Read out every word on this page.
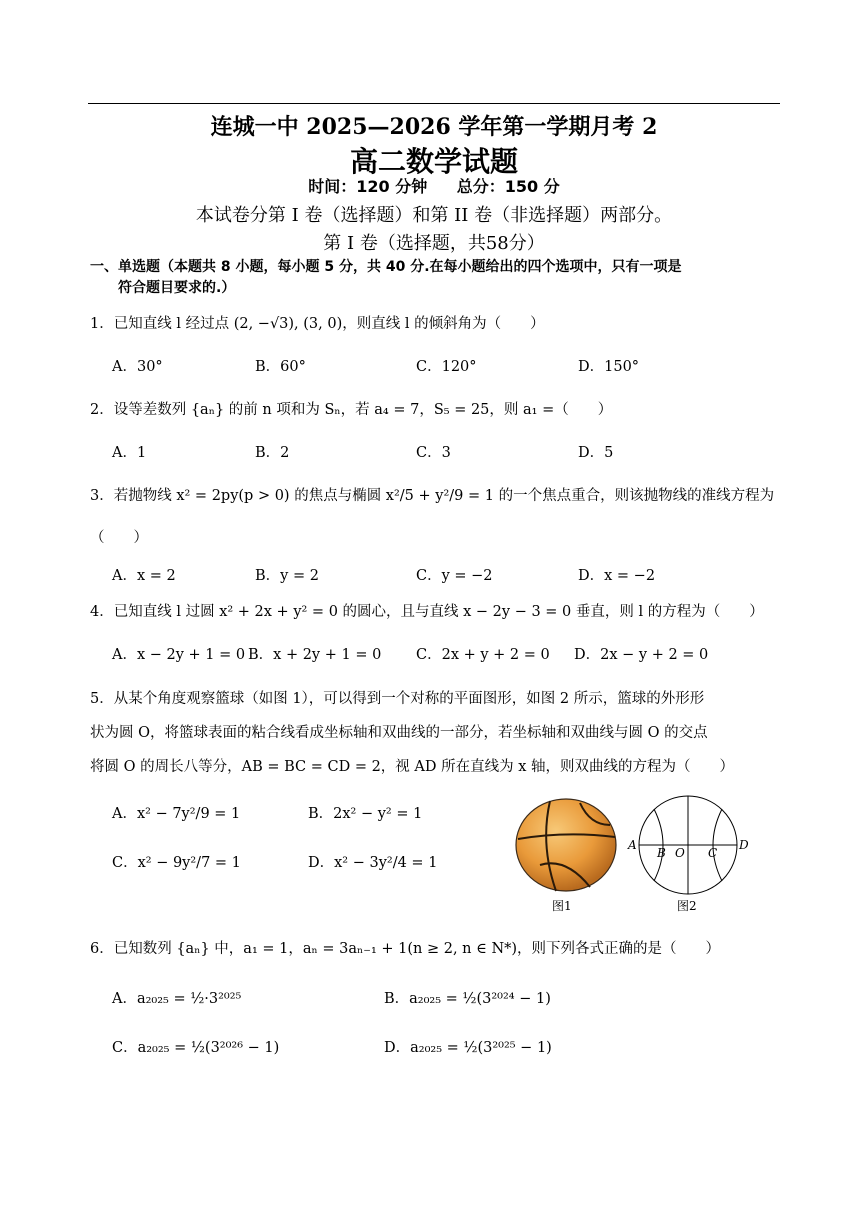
连城一中 2025—2026 学年第一学期月考 2
高二数学试题
时间：120 分钟 总分：150 分
本试卷分第 I 卷（选择题）和第 II 卷（非选择题）两部分。
第 I 卷（选择题，共58分）
一、单选题（本题共 8 小题，每小题 5 分，共 40 分.在每小题给出的四个选项中，只有一项是
符合题目要求的.）
1．已知直线 l 经过点 (2, −√3), (3, 0)，则直线 l 的倾斜角为（　　）
A．30°	B．60°	C．120°	D．150°
2．设等差数列 {aₙ} 的前 n 项和为 Sₙ，若 a₄ = 7，S₅ = 25，则 a₁ =（　　）
A．1	B．2	C．3	D．5
3．若抛物线 x² = 2py(p > 0) 的焦点与椭圆 x²/5 + y²/9 = 1 的一个焦点重合，则该抛物线的准线方程为
（　　）
A．x = 2	B．y = 2	C．y = −2	D．x = −2
4．已知直线 l 过圆 x² + 2x + y² = 0 的圆心，且与直线 x − 2y − 3 = 0 垂直，则 l 的方程为（　　）
A．x − 2y + 1 = 0 B．x + 2y + 1 = 0 C．2x + y + 2 = 0 D．2x − y + 2 = 0
5．从某个角度观察篮球（如图 1），可以得到一个对称的平面图形，如图 2 所示，篮球的外形形
状为圆 O，将篮球表面的粘合线看成坐标轴和双曲线的一部分，若坐标轴和双曲线与圆 O 的交点
将圆 O 的周长八等分，AB = BC = CD = 2，视 AD 所在直线为 x 轴，则双曲线的方程为（　　）
A．x² − 7y²/9 = 1	B．2x² − y² = 1
C．x² − 9y²/7 = 1	D．x² − 3y²/4 = 1
图1
A
B O C
D
图2
6．已知数列 {aₙ} 中，a₁ = 1，aₙ = 3aₙ₋₁ + 1(n ≥ 2, n ∈ N*)，则下列各式正确的是（　　）
A．a₂₀₂₅ = ½·3²⁰²⁵	B．a₂₀₂₅ = ½(3²⁰²⁴ − 1)
C．a₂₀₂₅ = ½(3²⁰²⁶ − 1)	D．a₂₀₂₅ = ½(3²⁰²⁵ − 1)
